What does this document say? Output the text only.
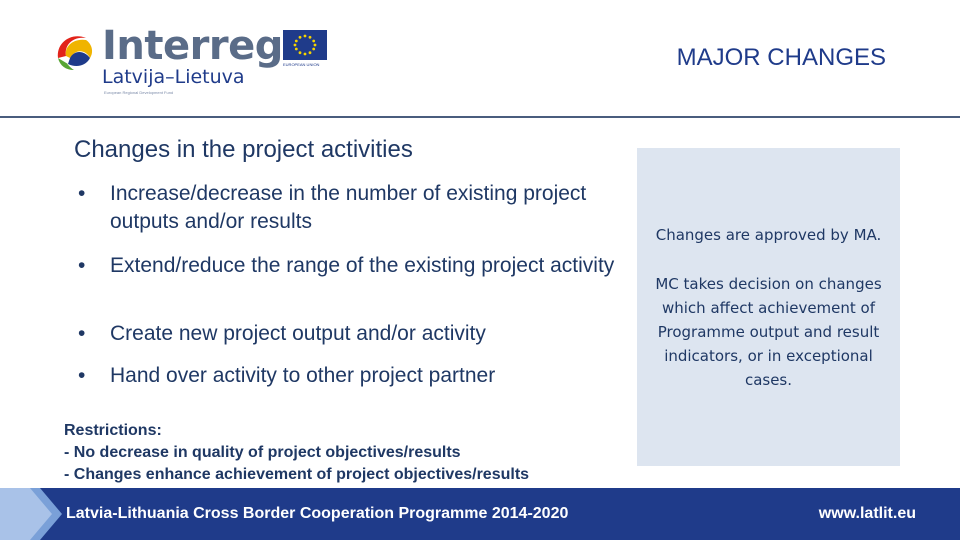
Interreg
Latvija–Lietuva
European Regional Development Fund
EUROPEAN UNION	MAJOR CHANGES
Changes in the project activities
• Increase/decrease in the number of existing project outputs and/or results
• Extend/reduce the range of the existing project activity
• Create new project output and/or activity
• Hand over activity to other project partner
Restrictions:
- No decrease in quality of project objectives/results
- Changes enhance achievement of project objectives/results
Changes are approved by MA.
MC takes decision on changes which affect achievement of Programme output and result indicators, or in exceptional cases.
Latvia-Lithuania Cross Border Cooperation Programme 2014-2020	www.latlit.eu
